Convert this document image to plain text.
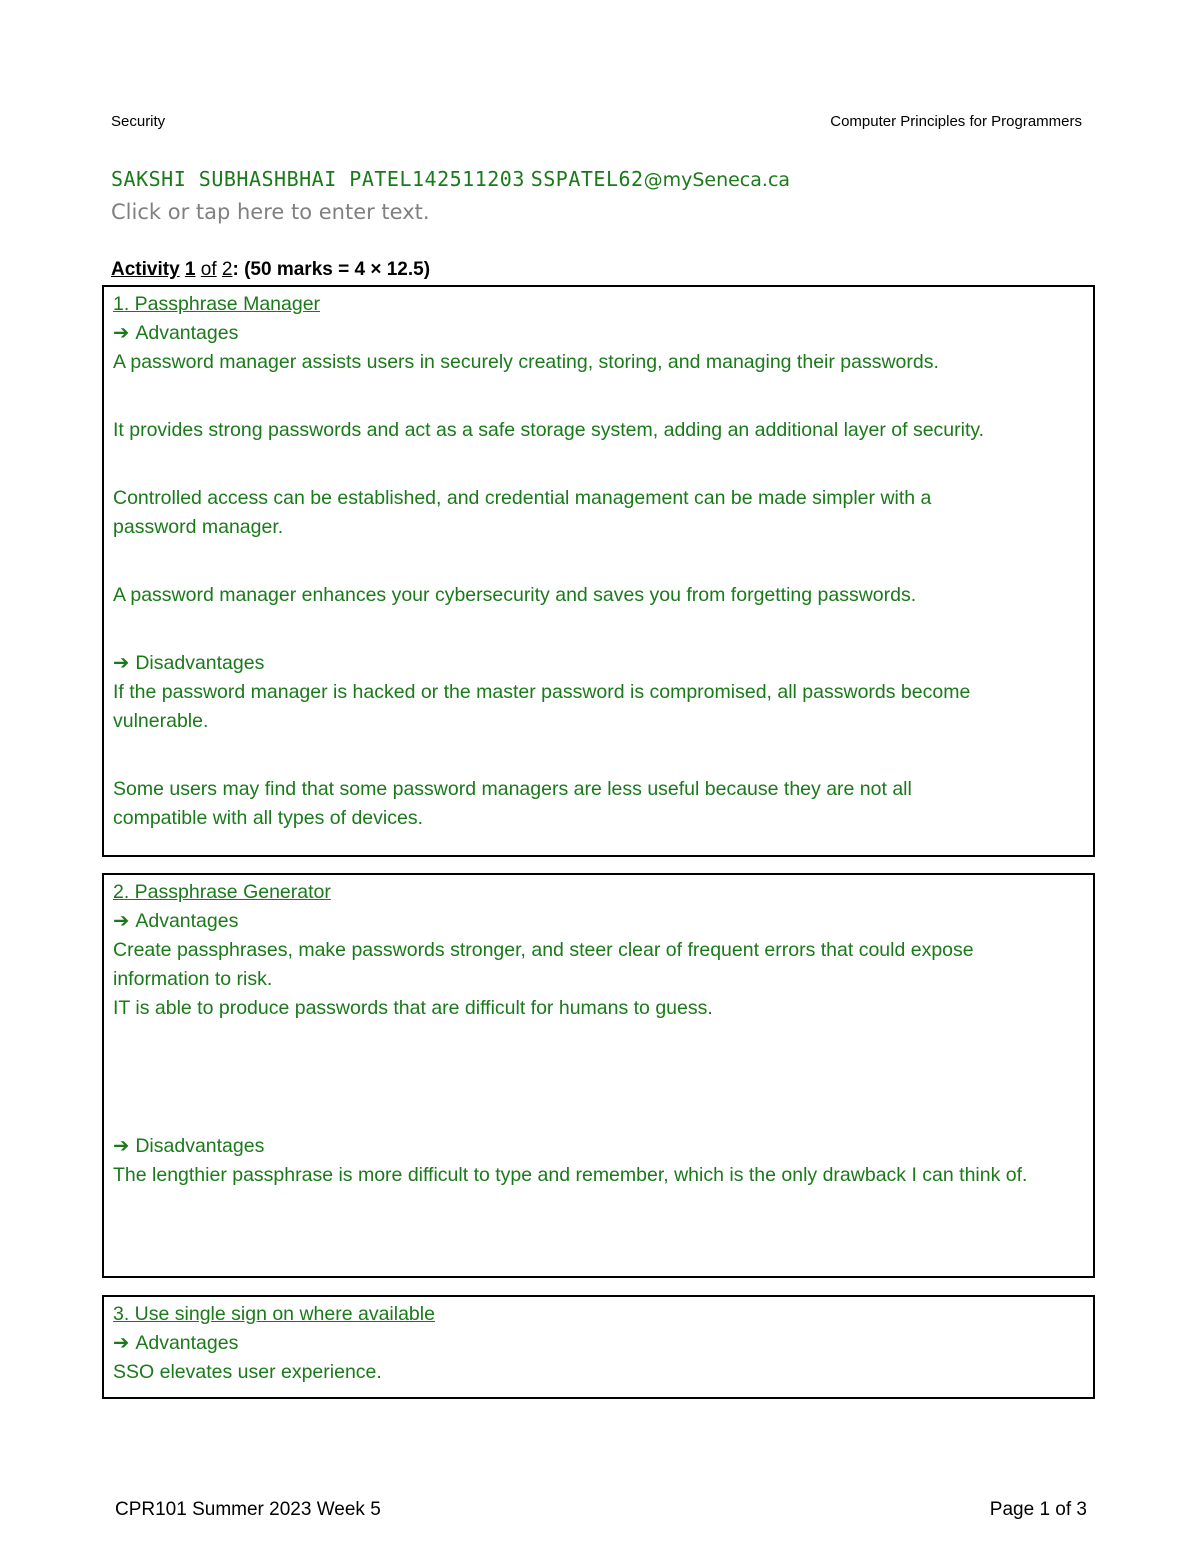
Security	Computer Principles for Programmers
SAKSHI SUBHASHBHAI PATEL142511203 SSPATEL62@mySeneca.ca
Click or tap here to enter text.
Activity 1 of 2: (50 marks = 4 × 12.5)

1. Passphrase Manager

➔ Advantages

A password manager assists users in securely creating, storing, and managing their passwords.

It provides strong passwords and act as a safe storage system, adding an additional layer of security.

Controlled access can be established, and credential management can be made simpler with a password manager.

A password manager enhances your cybersecurity and saves you from forgetting passwords.

➔ Disadvantages

If the password manager is hacked or the master password is compromised, all passwords become vulnerable.

Some users may find that some password managers are less useful because they are not all compatible with all types of devices.

2. Passphrase Generator

➔ Advantages

Create passphrases, make passwords stronger, and steer clear of frequent errors that could expose information to risk.

IT is able to produce passwords that are difficult for humans to guess.

➔ Disadvantages

The lengthier passphrase is more difficult to type and remember, which is the only drawback I can think of.

3. Use single sign on where available

➔ Advantages

SSO elevates user experience.

CPR101 Summer 2023 Week 5	Page 1 of 3
